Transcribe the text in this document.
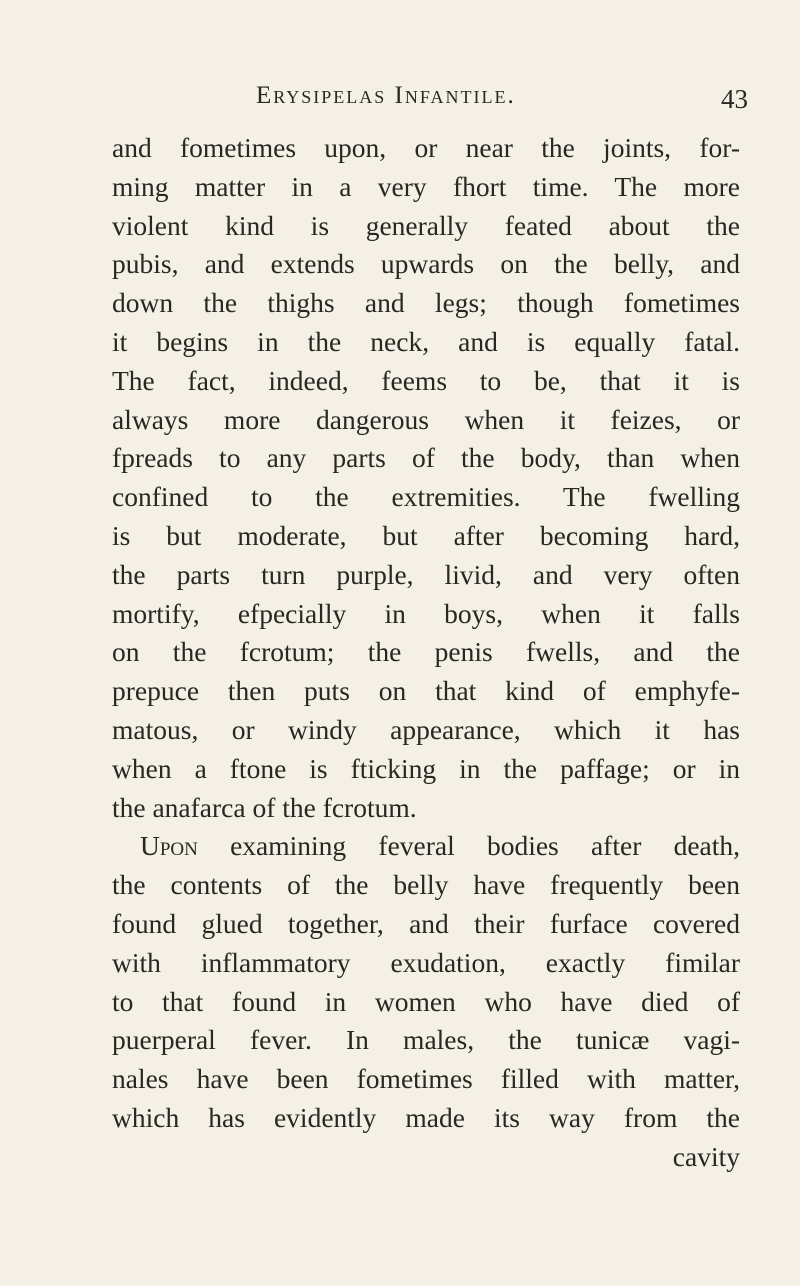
Erysipelas Infantile.	43
and fometimes upon, or near the joints, for-
ming matter in a very fhort time. The more
violent kind is generally feated about the
pubis, and extends upwards on the belly, and
down the thighs and legs; though fometimes
it begins in the neck, and is equally fatal.
The fact, indeed, feems to be, that it is
always more dangerous when it feizes, or
fpreads to any parts of the body, than when
confined to the extremities. The fwelling
is but moderate, but after becoming hard,
the parts turn purple, livid, and very often
mortify, efpecially in boys, when it falls
on the fcrotum; the penis fwells, and the
prepuce then puts on that kind of emphyfe-
matous, or windy appearance, which it has
when a ftone is fticking in the paffage; or in
the anafarca of the fcrotum.
Upon examining feveral bodies after death,
the contents of the belly have frequently been
found glued together, and their furface covered
with inflammatory exudation, exactly fimilar
to that found in women who have died of
puerperal fever. In males, the tunicæ vagi-
nales have been fometimes filled with matter,
which has evidently made its way from the
cavity
